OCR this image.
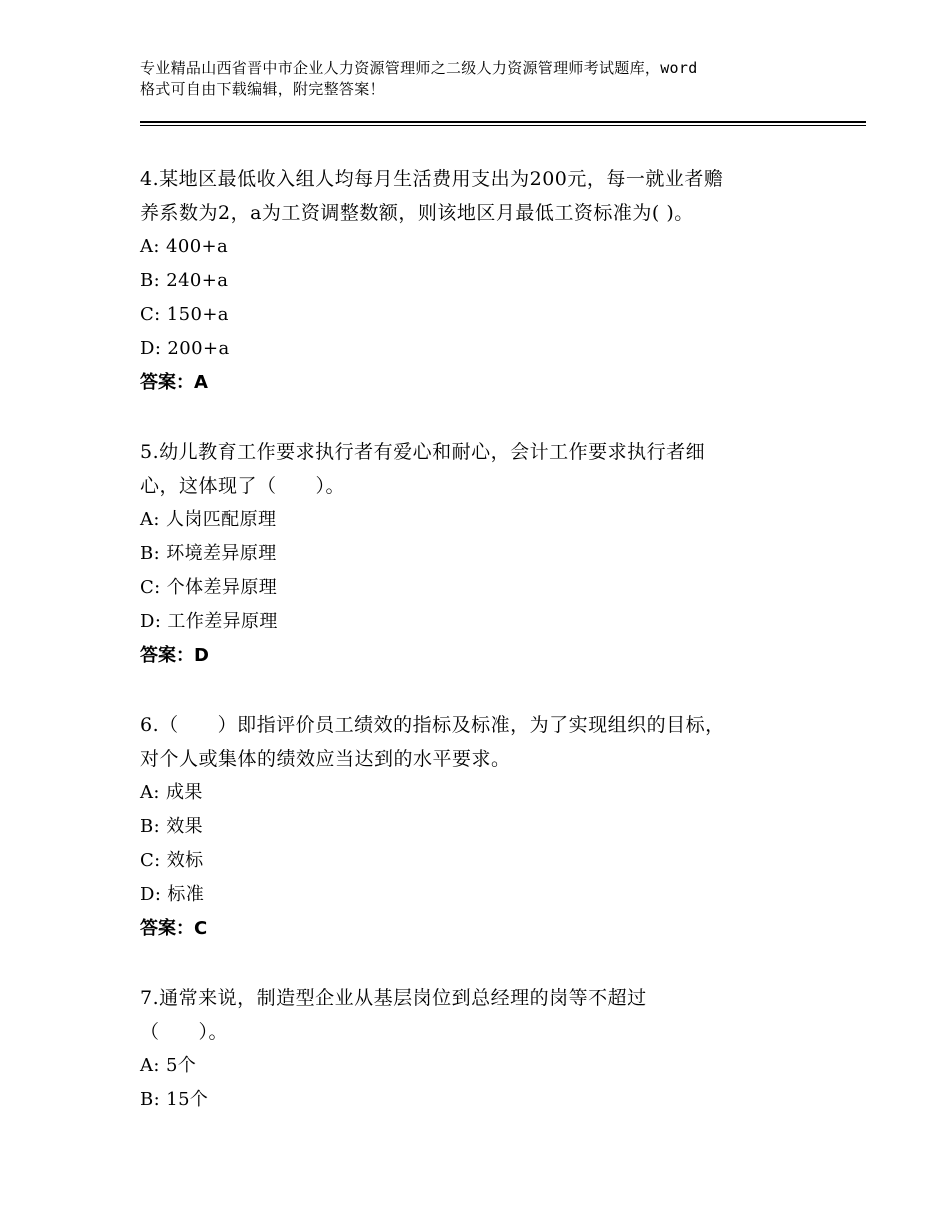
专业精品山西省晋中市企业人力资源管理师之二级人力资源管理师考试题库，word
格式可自由下载编辑，附完整答案！
4.某地区最低收入组人均每月生活费用支出为200元，每一就业者赡
养系数为2，a为工资调整数额，则该地区月最低工资标准为( )。
A: 400+a
B: 240+a
C: 150+a
D: 200+a
答案：A
5.幼儿教育工作要求执行者有爱心和耐心，会计工作要求执行者细
心，这体现了（　　）。
A: 人岗匹配原理
B: 环境差异原理
C: 个体差异原理
D: 工作差异原理
答案：D
6.（　　）即指评价员工绩效的指标及标准，为了实现组织的目标，
对个人或集体的绩效应当达到的水平要求。
A: 成果
B: 效果
C: 效标
D: 标准
答案：C
7.通常来说，制造型企业从基层岗位到总经理的岗等不超过
（　　）。
A: 5个
B: 15个
